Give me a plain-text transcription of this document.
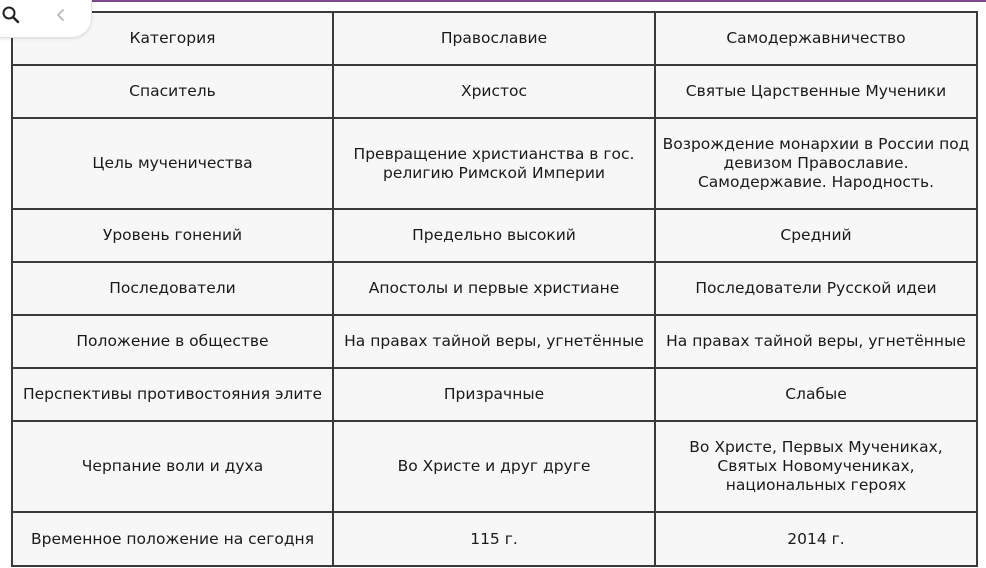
Категория	Православие	Самодержавничество
Спаситель	Христос	Святые Царственные Мученики
Цель мученичества	Превращение христианства в гос. религию Римской Империи	Возрождение монархии в России под девизом Православие. Самодержавие. Народность.
Уровень гонений	Предельно высокий	Средний
Последователи	Апостолы и первые христиане	Последователи Русской идеи
Положение в обществе	На правах тайной веры, угнетённые	На правах тайной веры, угнетённые
Перспективы противостояния элите	Призрачные	Слабые
Черпание воли и духа	Во Христе и друг друге	Во Христе, Первых Мучениках, Святых Новомучениках, национальных героях
Временное положение на сегодня	115 г.	2014 г.
